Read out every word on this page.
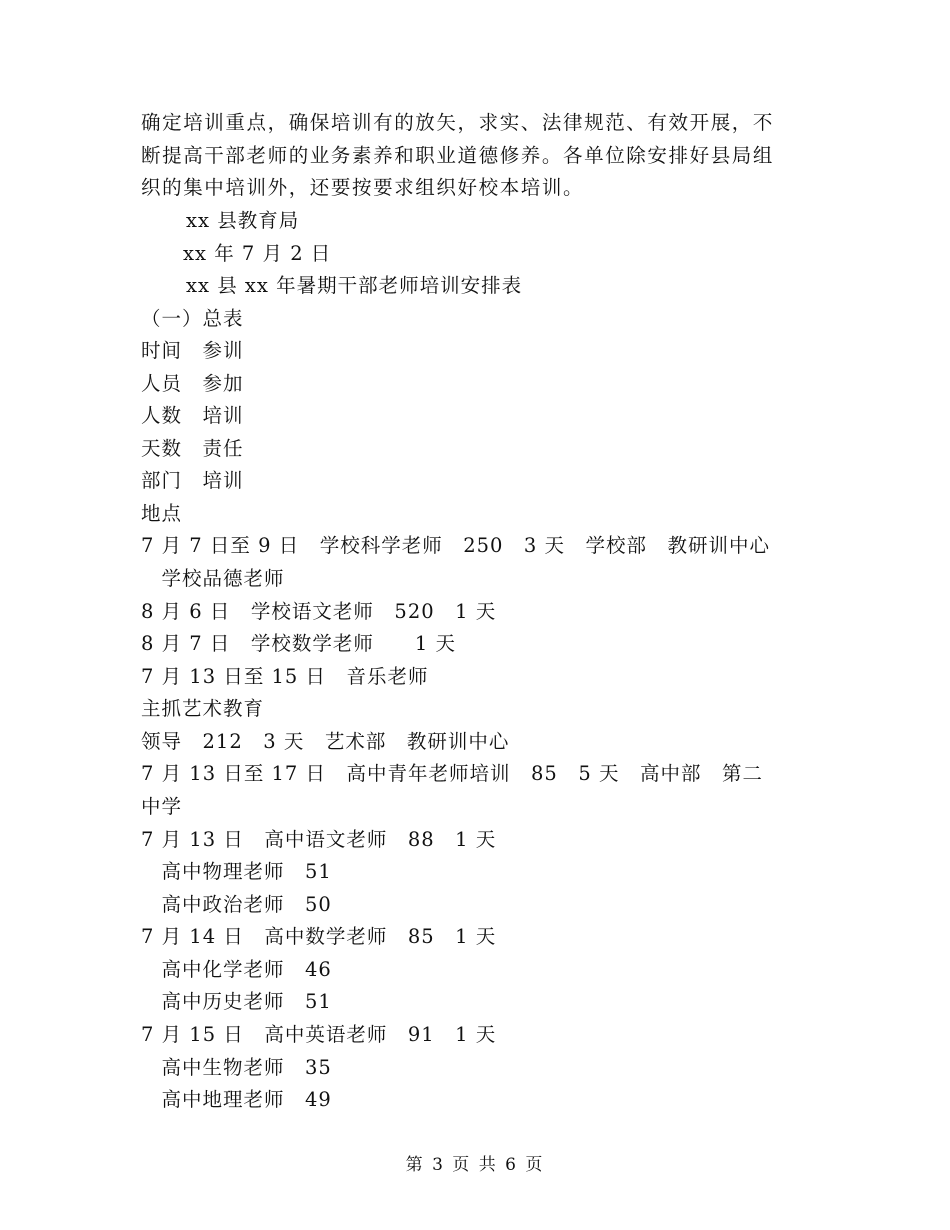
确定培训重点，确保培训有的放矢，求实、法律规范、有效开展，不
断提高干部老师的业务素养和职业道德修养。各单位除安排好县局组
织的集中培训外，还要按要求组织好校本培训。
xx 县教育局
xx 年 7 月 2 日
xx 县 xx 年暑期干部老师培训安排表
（一）总表
时间　参训
人员　参加
人数　培训
天数　责任
部门　培训
地点
7 月 7 日至 9 日　学校科学老师　250　3 天　学校部　教研训中心
　学校品德老师
8 月 6 日　学校语文老师　520　1 天
8 月 7 日　学校数学老师　　1 天
7 月 13 日至 15 日　音乐老师
主抓艺术教育
领导　212　3 天　艺术部　教研训中心
7 月 13 日至 17 日　高中青年老师培训　85　5 天　高中部　第二
中学
7 月 13 日　高中语文老师　88　1 天
　高中物理老师　51
　高中政治老师　50
7 月 14 日　高中数学老师　85　1 天
　高中化学老师　46
　高中历史老师　51
7 月 15 日　高中英语老师　91　1 天
　高中生物老师　35
　高中地理老师　49
第 3 页 共 6 页
